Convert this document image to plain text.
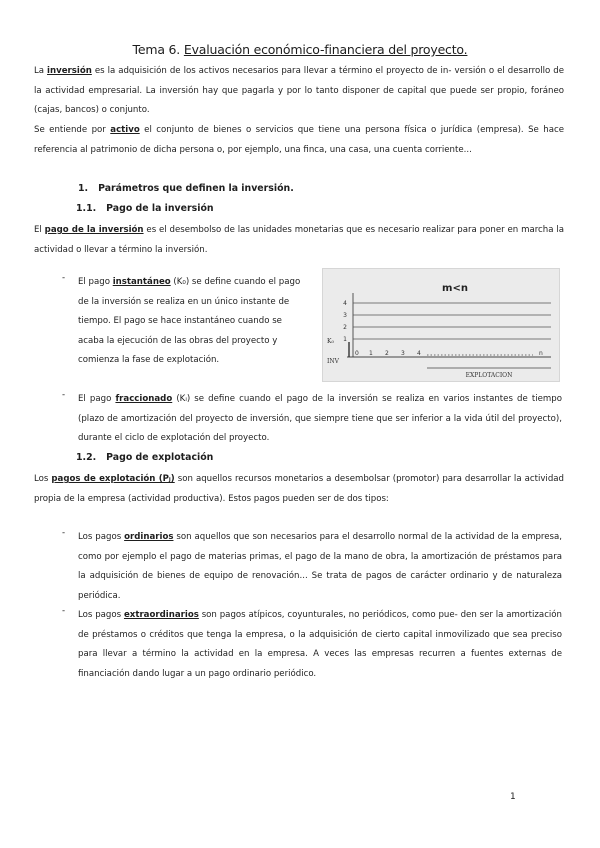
Tema 6. Evaluación económico-financiera del proyecto.
La inversión es la adquisición de los activos necesarios para llevar a término el proyecto de in- versión o el desarrollo de la actividad empresarial. La inversión hay que pagarla y por lo tanto disponer de capital que puede ser propio, foráneo (cajas, bancos) o conjunto.
Se entiende por activo el conjunto de bienes o servicios que tiene una persona física o jurídica (empresa). Se hace referencia al patrimonio de dicha persona o, por ejemplo, una finca, una casa, una cuenta corriente...
1. Parámetros que definen la inversión.
1.1. Pago de la inversión
El pago de la inversión es el desembolso de las unidades monetarias que es necesario realizar para poner en marcha la actividad o llevar a término la inversión.
- El pago instantáneo (K₀) se define cuando el pago de la inversión se realiza en un único instante de tiempo. El pago se hace instantáneo cuando se acaba la ejecución de las obras del proyecto y comienza la fase de explotación.
m<n
4
3
2
1
K₀
INV
0 1 2 3 4	n
EXPLOTACION
- El pago fraccionado (Kᵢ) se define cuando el pago de la inversión se realiza en varios instantes de tiempo (plazo de amortización del proyecto de inversión, que siempre tiene que ser inferior a la vida útil del proyecto), durante el ciclo de explotación del proyecto.
1.2. Pago de explotación
Los pagos de explotación (Pⱼ) son aquellos recursos monetarios a desembolsar (promotor) para desarrollar la actividad propia de la empresa (actividad productiva). Estos pagos pueden ser de dos tipos:
- Los pagos ordinarios son aquellos que son necesarios para el desarrollo normal de la actividad de la empresa, como por ejemplo el pago de materias primas, el pago de la mano de obra, la amortización de préstamos para la adquisición de bienes de equipo de renovación... Se trata de pagos de carácter ordinario y de naturaleza periódica.
- Los pagos extraordinarios son pagos atípicos, coyunturales, no periódicos, como pue- den ser la amortización de préstamos o créditos que tenga la empresa, o la adquisición de cierto capital inmovilizado que sea preciso para llevar a término la actividad en la empresa. A veces las empresas recurren a fuentes externas de financiación dando lugar a un pago ordinario periódico.
1
